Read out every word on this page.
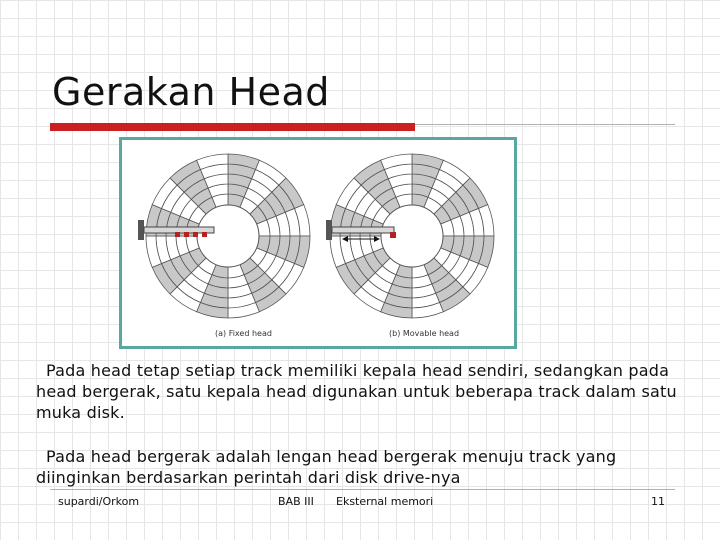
Gerakan Head
(a) Fixed head	(b) Movable head
Pada head tetap setiap track memiliki kepala head sendiri, sedangkan pada head bergerak, satu kepala head digunakan untuk beberapa track dalam satu muka disk.
Pada head bergerak adalah lengan head bergerak menuju track yang diinginkan berdasarkan perintah dari disk drive-nya
supardi/Orkom	BAB III Eksternal memori	11
